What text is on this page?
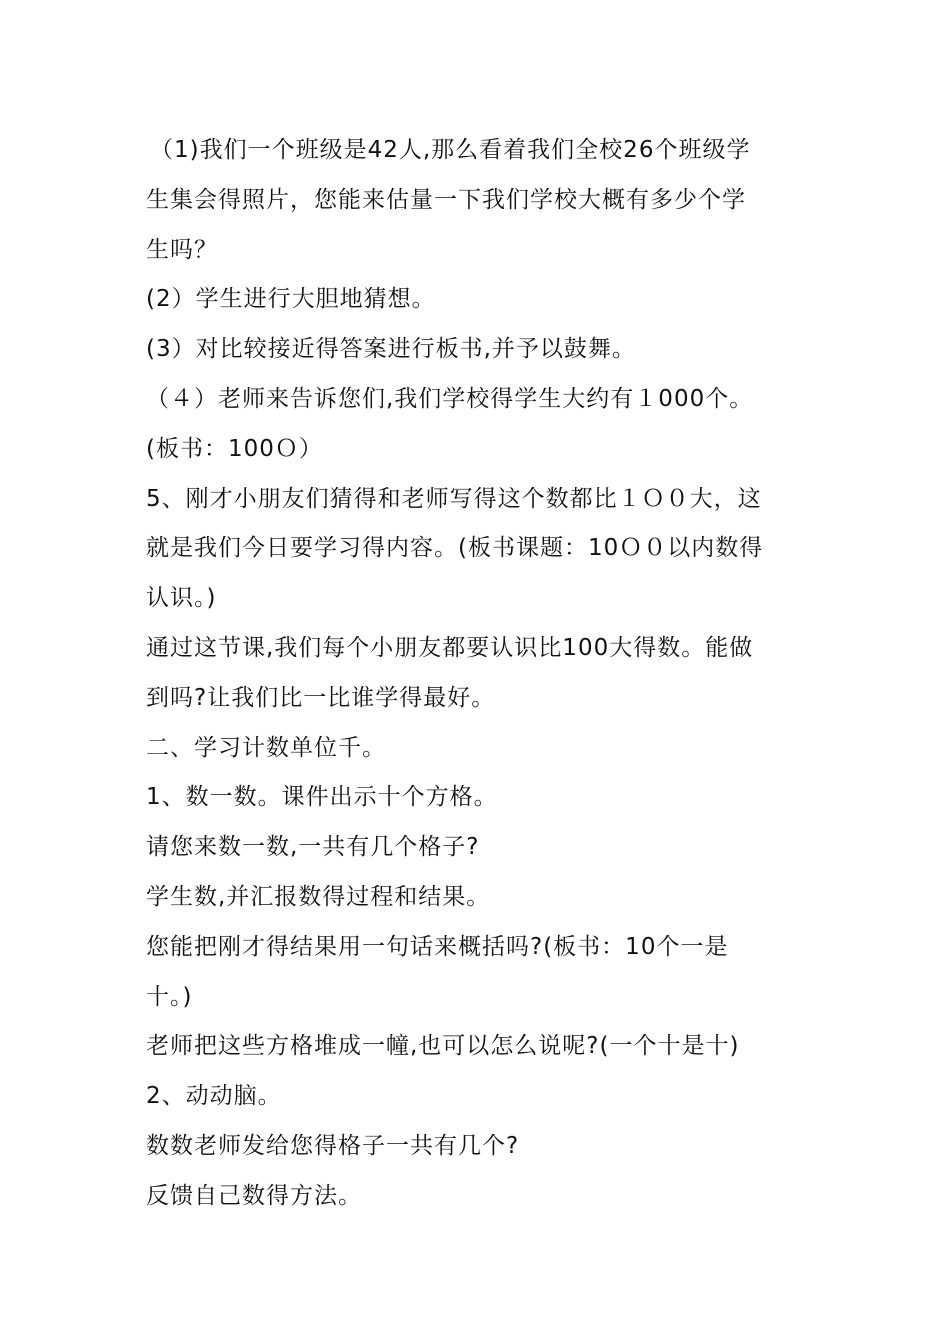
（1)我们一个班级是42人,那么看着我们全校26个班级学
生集会得照片，您能来估量一下我们学校大概有多少个学
生吗？
(2）学生进行大胆地猜想。
(3）对比较接近得答案进行板书,并予以鼓舞。
（４）老师来告诉您们,我们学校得学生大约有１000个。
(板书：100Ｏ）
5、刚才小朋友们猜得和老师写得这个数都比１Ｏ０大，这
就是我们今日要学习得内容。(板书课题：10Ｏ０以内数得
认识。)
通过这节课,我们每个小朋友都要认识比100大得数。能做
到吗?让我们比一比谁学得最好。
二、学习计数单位千。
1、数一数。课件出示十个方格。
请您来数一数,一共有几个格子?
学生数,并汇报数得过程和结果。
您能把刚才得结果用一句话来概括吗?(板书：10个一是
十。)
老师把这些方格堆成一幢,也可以怎么说呢?(一个十是十)
2、动动脑。
数数老师发给您得格子一共有几个?
反馈自己数得方法。
